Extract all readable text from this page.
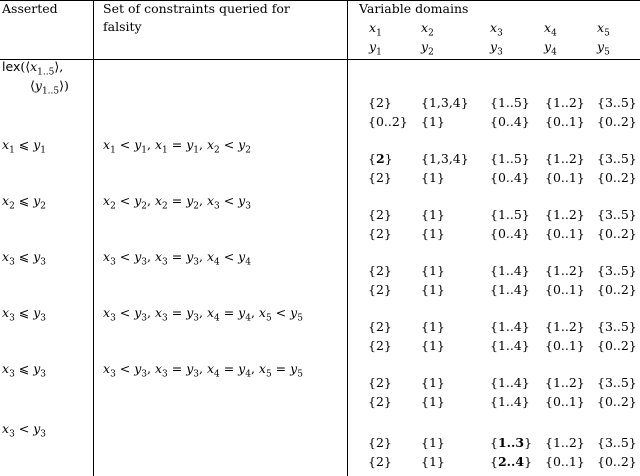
Asserted	Set of constraints queried for
falsity
Variable domains
$x_1$	$x_2$	$x_3$	$x_4$	$x_5$
$y_1$	$y_2$	$y_3$	$y_4$	$y_5$
$lex(⟨x_{1..5}⟩$,
$⟨y_{1..5}⟩$)
{2} {1,3,4} {1..5} {1..2} {3..5}
{0..2} {1}	{0..4} {0..1} {0..2}
$x_1$ ⩽ $y_1$	$x_1 < y_1$, $x_1 = y_1$, $x_2 < y_2$
{2} {1,3,4} {1..5} {1..2} {3..5}
{2} {1}	{0..4} {0..1} {0..2}
$x_2$ ⩽ $y_2$	$x_2 < y_2$, $x_2 = y_2$, $x_3 < y_3$
{2} {1}	{1..5} {1..2} {3..5}
{2} {1}	{0..4} {0..1} {0..2}
$x_3$ ⩽ $y_3$	$x_3 < y_3$, $x_3 = y_3$, $x_4 < y_4$
{2} {1}	{1..4} {1..2} {3..5}
{2} {1}	{1..4} {0..1} {0..2}
$x_3$ ⩽ $y_3$	$x_3 < y_3$, $x_3 = y_3$, $x_4 = y_4$, $x_5 < y_5$
{2} {1}	{1..4} {1..2} {3..5}
{2} {1}	{1..4} {0..1} {0..2}
$x_3$ ⩽ $y_3$	$x_3 < y_3$, $x_3 = y_3$, $x_4 = y_4$, $x_5 = y_5$
{2} {1}	{1..4} {1..2} {3..5}
{2} {1}	{1..4} {0..1} {0..2}
$x_3 < y_3$
{2} {1}	{1..3} {1..2} {3..5}
{2} {1}	{2..4} {0..1} {0..2}
